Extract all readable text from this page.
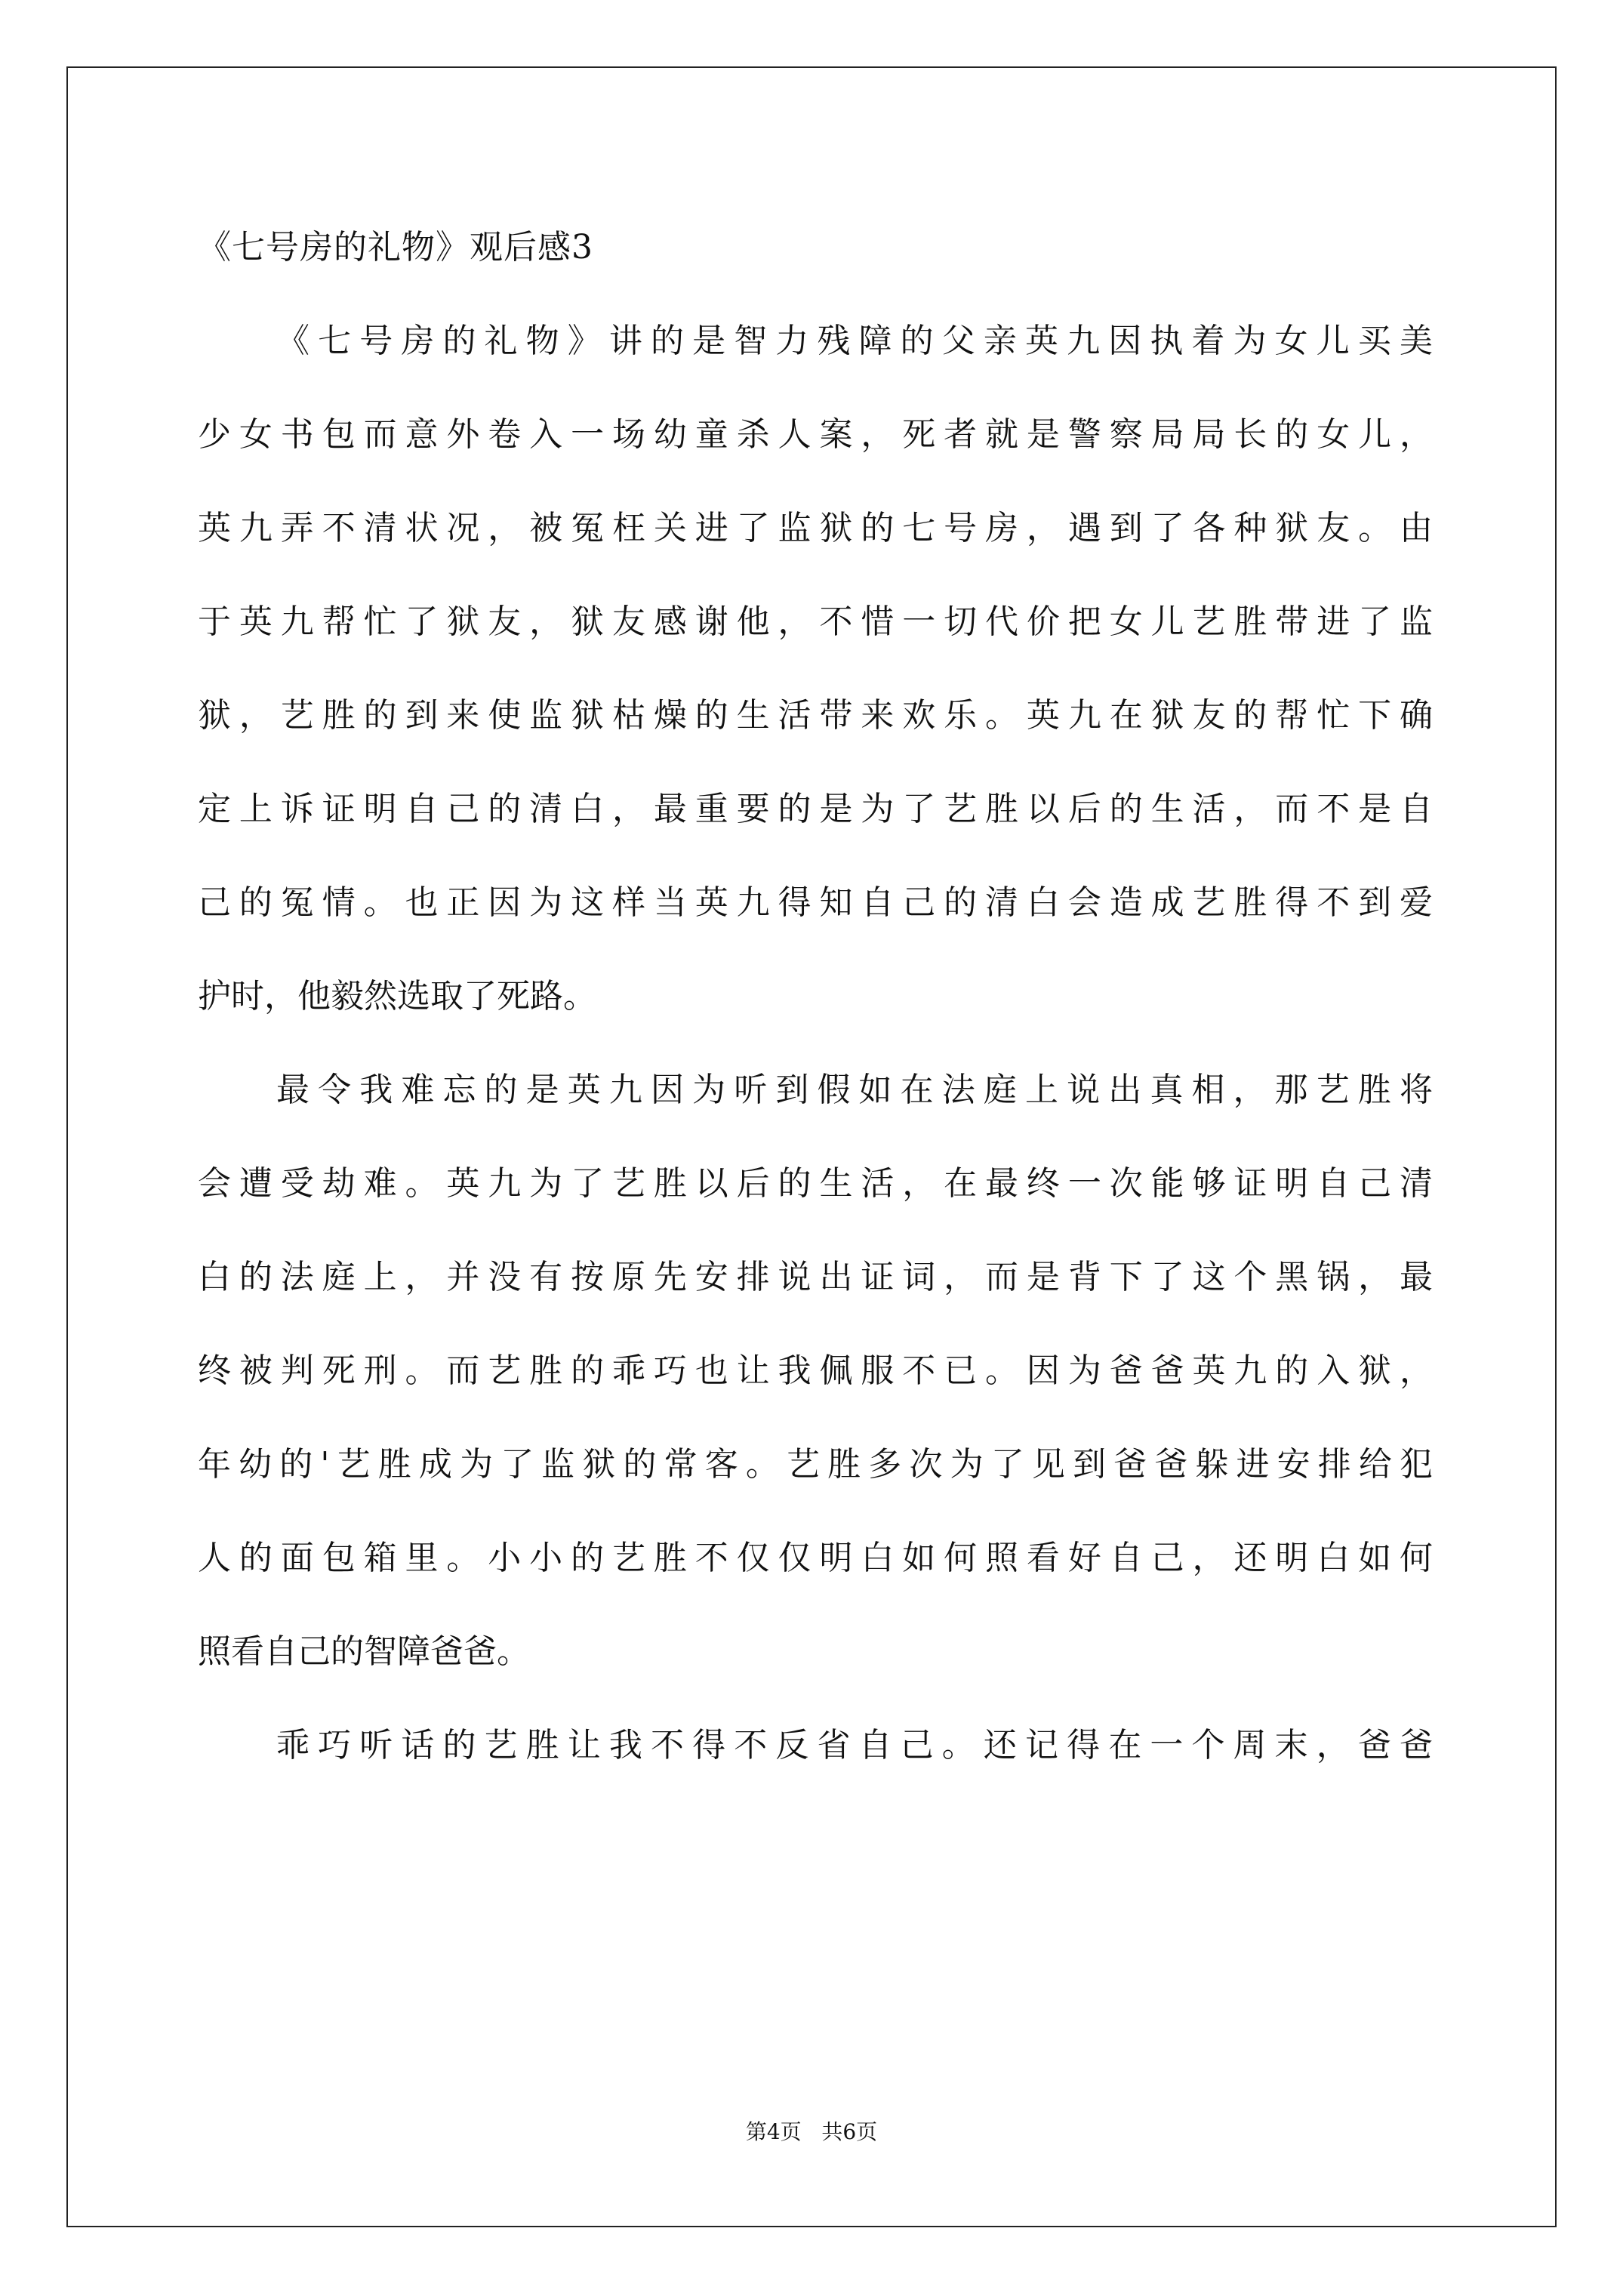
《七号房的礼物》观后感3
《七号房的礼物》讲的是智力残障的父亲英九因执着为女儿买美
少女书包而意外卷入一场幼童杀人案，死者就是警察局局长的女儿，
英九弄不清状况，被冤枉关进了监狱的七号房，遇到了各种狱友。由
于英九帮忙了狱友，狱友感谢他，不惜一切代价把女儿艺胜带进了监
狱，艺胜的到来使监狱枯燥的生活带来欢乐。英九在狱友的帮忙下确
定上诉证明自己的清白，最重要的是为了艺胜以后的生活，而不是自
己的冤情。也正因为这样当英九得知自己的清白会造成艺胜得不到爱
护时，他毅然选取了死路。
最令我难忘的是英九因为听到假如在法庭上说出真相，那艺胜将
会遭受劫难。英九为了艺胜以后的生活，在最终一次能够证明自己清
白的法庭上，并没有按原先安排说出证词，而是背下了这个黑锅，最
终被判死刑。而艺胜的乖巧也让我佩服不已。因为爸爸英九的入狱，
年幼的'艺胜成为了监狱的常客。艺胜多次为了见到爸爸躲进安排给犯
人的面包箱里。小小的艺胜不仅仅明白如何照看好自己，还明白如何
照看自己的智障爸爸。
乖巧听话的艺胜让我不得不反省自己。还记得在一个周末，爸爸
第4页   共6页
